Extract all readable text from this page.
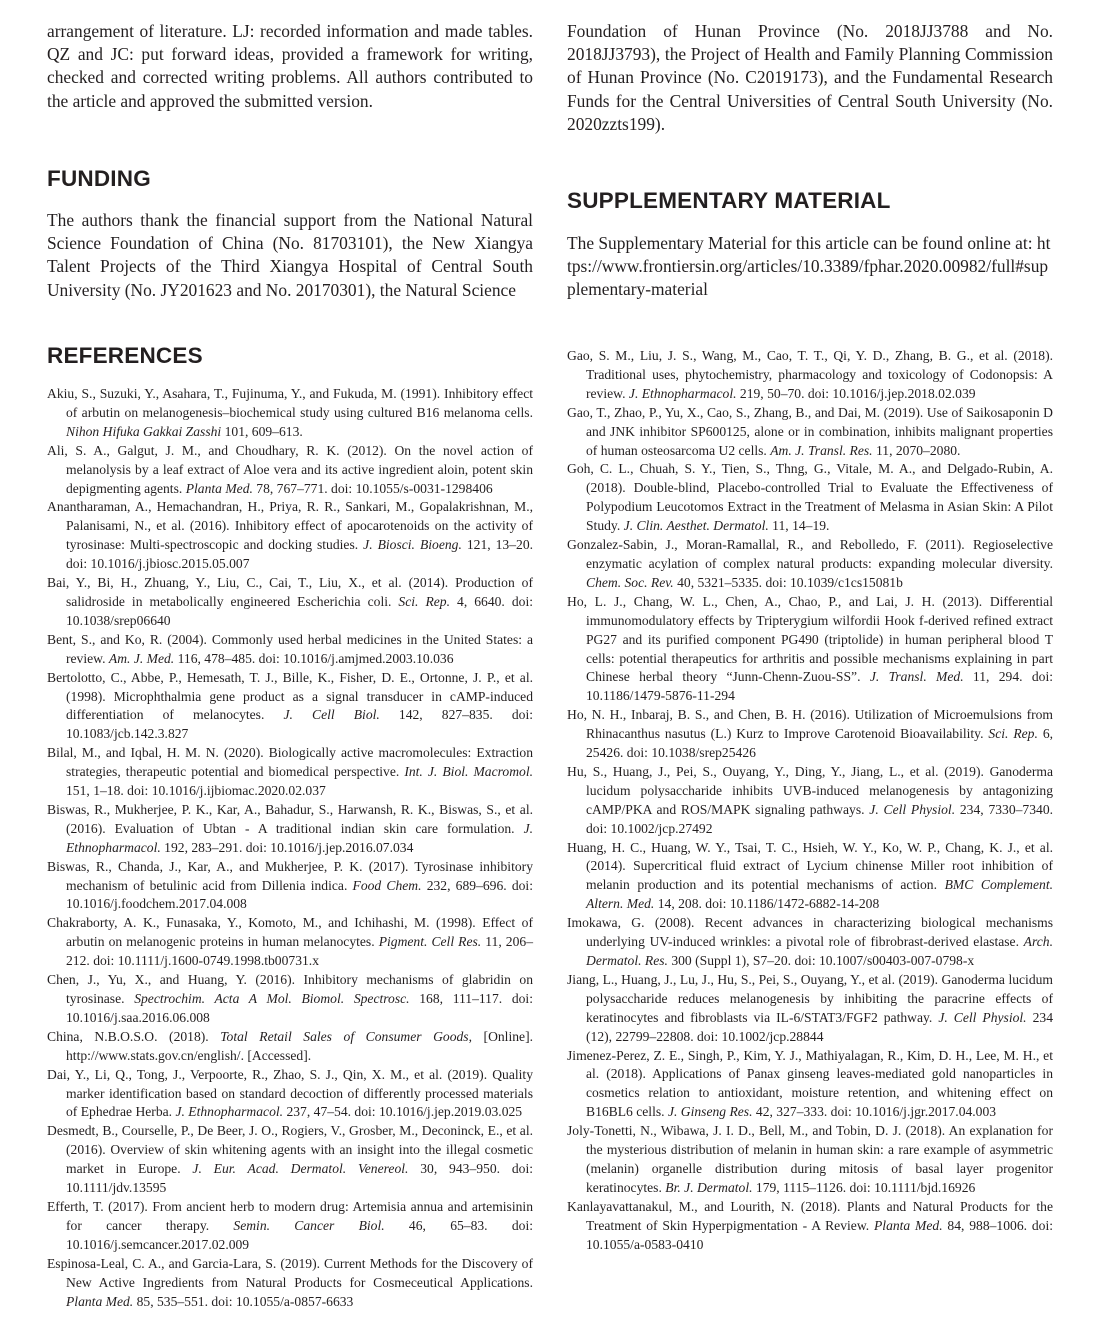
arrangement of literature. LJ: recorded information and made tables. QZ and JC: put forward ideas, provided a framework for writing, checked and corrected writing problems. All authors contributed to the article and approved the submitted version.

FUNDING

The authors thank the financial support from the National Natural Science Foundation of China (No. 81703101), the New Xiangya Talent Projects of the Third Xiangya Hospital of Central South University (No. JY201623 and No. 20170301), the Natural Science

REFERENCES
Akiu, S., Suzuki, Y., Asahara, T., Fujinuma, Y., and Fukuda, M. (1991). Inhibitory effect of arbutin on melanogenesis–biochemical study using cultured B16 melanoma cells. Nihon Hifuka Gakkai Zasshi 101, 609–613.
Ali, S. A., Galgut, J. M., and Choudhary, R. K. (2012). On the novel action of melanolysis by a leaf extract of Aloe vera and its active ingredient aloin, potent skin depigmenting agents. Planta Med. 78, 767–771. doi: 10.1055/s-0031-1298406
Anantharaman, A., Hemachandran, H., Priya, R. R., Sankari, M., Gopalakrishnan, M., Palanisami, N., et al. (2016). Inhibitory effect of apocarotenoids on the activity of tyrosinase: Multi-spectroscopic and docking studies. J. Biosci. Bioeng. 121, 13–20. doi: 10.1016/j.jbiosc.2015.05.007
Bai, Y., Bi, H., Zhuang, Y., Liu, C., Cai, T., Liu, X., et al. (2014). Production of salidroside in metabolically engineered Escherichia coli. Sci. Rep. 4, 6640. doi: 10.1038/srep06640
Bent, S., and Ko, R. (2004). Commonly used herbal medicines in the United States: a review. Am. J. Med. 116, 478–485. doi: 10.1016/j.amjmed.2003.10.036
Bertolotto, C., Abbe, P., Hemesath, T. J., Bille, K., Fisher, D. E., Ortonne, J. P., et al. (1998). Microphthalmia gene product as a signal transducer in cAMP-induced differentiation of melanocytes. J. Cell Biol. 142, 827–835. doi: 10.1083/jcb.142.3.827
Bilal, M., and Iqbal, H. M. N. (2020). Biologically active macromolecules: Extraction strategies, therapeutic potential and biomedical perspective. Int. J. Biol. Macromol. 151, 1–18. doi: 10.1016/j.ijbiomac.2020.02.037
Biswas, R., Mukherjee, P. K., Kar, A., Bahadur, S., Harwansh, R. K., Biswas, S., et al. (2016). Evaluation of Ubtan - A traditional indian skin care formulation. J. Ethnopharmacol. 192, 283–291. doi: 10.1016/j.jep.2016.07.034
Biswas, R., Chanda, J., Kar, A., and Mukherjee, P. K. (2017). Tyrosinase inhibitory mechanism of betulinic acid from Dillenia indica. Food Chem. 232, 689–696. doi: 10.1016/j.foodchem.2017.04.008
Chakraborty, A. K., Funasaka, Y., Komoto, M., and Ichihashi, M. (1998). Effect of arbutin on melanogenic proteins in human melanocytes. Pigment. Cell Res. 11, 206–212. doi: 10.1111/j.1600-0749.1998.tb00731.x
Chen, J., Yu, X., and Huang, Y. (2016). Inhibitory mechanisms of glabridin on tyrosinase. Spectrochim. Acta A Mol. Biomol. Spectrosc. 168, 111–117. doi: 10.1016/j.saa.2016.06.008
China, N.B.O.S.O. (2018). Total Retail Sales of Consumer Goods, [Online]. http://www.stats.gov.cn/english/. [Accessed].
Dai, Y., Li, Q., Tong, J., Verpoorte, R., Zhao, S. J., Qin, X. M., et al. (2019). Quality marker identification based on standard decoction of differently processed materials of Ephedrae Herba. J. Ethnopharmacol. 237, 47–54. doi: 10.1016/j.jep.2019.03.025
Desmedt, B., Courselle, P., De Beer, J. O., Rogiers, V., Grosber, M., Deconinck, E., et al. (2016). Overview of skin whitening agents with an insight into the illegal cosmetic market in Europe. J. Eur. Acad. Dermatol. Venereol. 30, 943–950. doi: 10.1111/jdv.13595
Efferth, T. (2017). From ancient herb to modern drug: Artemisia annua and artemisinin for cancer therapy. Semin. Cancer Biol. 46, 65–83. doi: 10.1016/j.semcancer.2017.02.009
Espinosa-Leal, C. A., and Garcia-Lara, S. (2019). Current Methods for the Discovery of New Active Ingredients from Natural Products for Cosmeceutical Applications. Planta Med. 85, 535–551. doi: 10.1055/a-0857-6633

Foundation of Hunan Province (No. 2018JJ3788 and No. 2018JJ3793), the Project of Health and Family Planning Commission of Hunan Province (No. C2019173), and the Fundamental Research Funds for the Central Universities of Central South University (No. 2020zzts199).

SUPPLEMENTARY MATERIAL

The Supplementary Material for this article can be found online at: https://www.frontiersin.org/articles/10.3389/fphar.2020.00982/full#supplementary-material

Gao, S. M., Liu, J. S., Wang, M., Cao, T. T., Qi, Y. D., Zhang, B. G., et al. (2018). Traditional uses, phytochemistry, pharmacology and toxicology of Codonopsis: A review. J. Ethnopharmacol. 219, 50–70. doi: 10.1016/j.jep.2018.02.039
Gao, T., Zhao, P., Yu, X., Cao, S., Zhang, B., and Dai, M. (2019). Use of Saikosaponin D and JNK inhibitor SP600125, alone or in combination, inhibits malignant properties of human osteosarcoma U2 cells. Am. J. Transl. Res. 11, 2070–2080.
Goh, C. L., Chuah, S. Y., Tien, S., Thng, G., Vitale, M. A., and Delgado-Rubin, A. (2018). Double-blind, Placebo-controlled Trial to Evaluate the Effectiveness of Polypodium Leucotomos Extract in the Treatment of Melasma in Asian Skin: A Pilot Study. J. Clin. Aesthet. Dermatol. 11, 14–19.
Gonzalez-Sabin, J., Moran-Ramallal, R., and Rebolledo, F. (2011). Regioselective enzymatic acylation of complex natural products: expanding molecular diversity. Chem. Soc. Rev. 40, 5321–5335. doi: 10.1039/c1cs15081b
Ho, L. J., Chang, W. L., Chen, A., Chao, P., and Lai, J. H. (2013). Differential immunomodulatory effects by Tripterygium wilfordii Hook f-derived refined extract PG27 and its purified component PG490 (triptolide) in human peripheral blood T cells: potential therapeutics for arthritis and possible mechanisms explaining in part Chinese herbal theory “Junn-Chenn-Zuou-SS”. J. Transl. Med. 11, 294. doi: 10.1186/1479-5876-11-294
Ho, N. H., Inbaraj, B. S., and Chen, B. H. (2016). Utilization of Microemulsions from Rhinacanthus nasutus (L.) Kurz to Improve Carotenoid Bioavailability. Sci. Rep. 6, 25426. doi: 10.1038/srep25426
Hu, S., Huang, J., Pei, S., Ouyang, Y., Ding, Y., Jiang, L., et al. (2019). Ganoderma lucidum polysaccharide inhibits UVB-induced melanogenesis by antagonizing cAMP/PKA and ROS/MAPK signaling pathways. J. Cell Physiol. 234, 7330–7340. doi: 10.1002/jcp.27492
Huang, H. C., Huang, W. Y., Tsai, T. C., Hsieh, W. Y., Ko, W. P., Chang, K. J., et al. (2014). Supercritical fluid extract of Lycium chinense Miller root inhibition of melanin production and its potential mechanisms of action. BMC Complement. Altern. Med. 14, 208. doi: 10.1186/1472-6882-14-208
Imokawa, G. (2008). Recent advances in characterizing biological mechanisms underlying UV-induced wrinkles: a pivotal role of fibrobrast-derived elastase. Arch. Dermatol. Res. 300 (Suppl 1), S7–20. doi: 10.1007/s00403-007-0798-x
Jiang, L., Huang, J., Lu, J., Hu, S., Pei, S., Ouyang, Y., et al. (2019). Ganoderma lucidum polysaccharide reduces melanogenesis by inhibiting the paracrine effects of keratinocytes and fibroblasts via IL-6/STAT3/FGF2 pathway. J. Cell Physiol. 234 (12), 22799–22808. doi: 10.1002/jcp.28844
Jimenez-Perez, Z. E., Singh, P., Kim, Y. J., Mathiyalagan, R., Kim, D. H., Lee, M. H., et al. (2018). Applications of Panax ginseng leaves-mediated gold nanoparticles in cosmetics relation to antioxidant, moisture retention, and whitening effect on B16BL6 cells. J. Ginseng Res. 42, 327–333. doi: 10.1016/j.jgr.2017.04.003
Joly-Tonetti, N., Wibawa, J. I. D., Bell, M., and Tobin, D. J. (2018). An explanation for the mysterious distribution of melanin in human skin: a rare example of asymmetric (melanin) organelle distribution during mitosis of basal layer progenitor keratinocytes. Br. J. Dermatol. 179, 1115–1126. doi: 10.1111/bjd.16926
Kanlayavattanakul, M., and Lourith, N. (2018). Plants and Natural Products for the Treatment of Skin Hyperpigmentation - A Review. Planta Med. 84, 988–1006. doi: 10.1055/a-0583-0410
